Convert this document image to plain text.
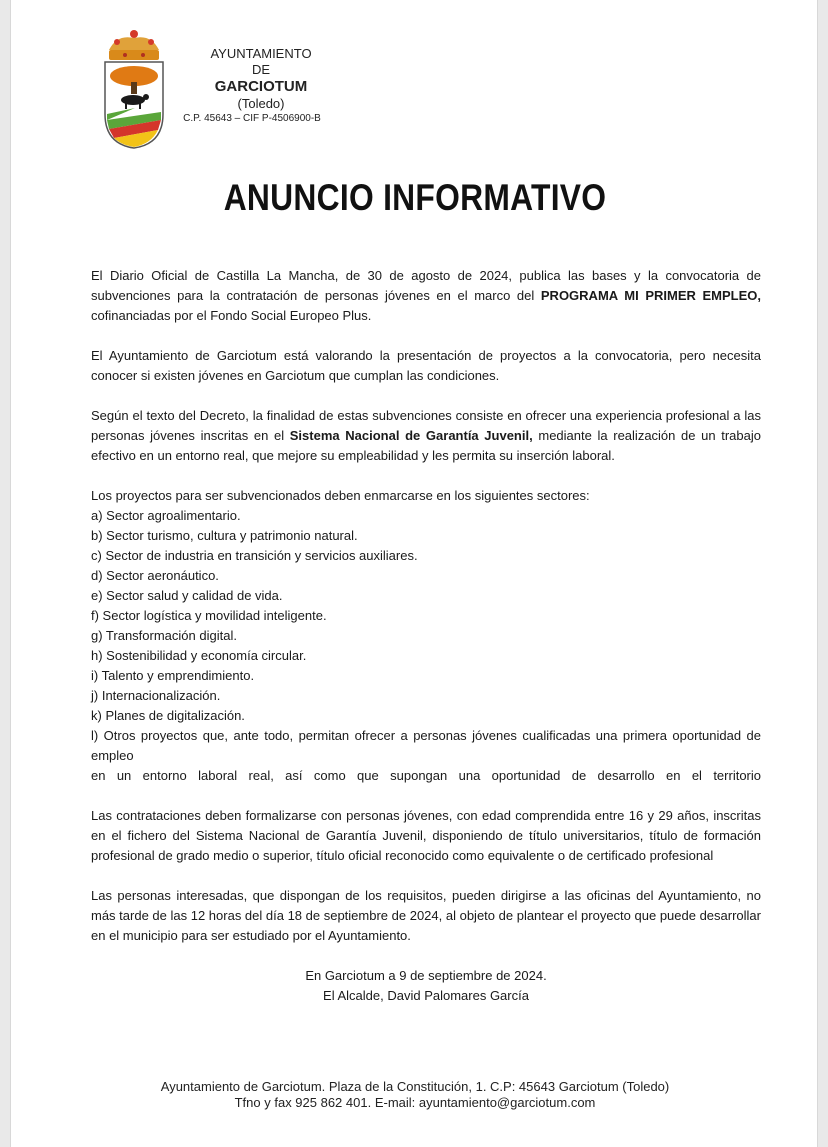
AYUNTAMIENTO
DE
GARCIOTUM
(Toledo)
C.P. 45643 – CIF P-4506900-B
ANUNCIO INFORMATIVO

El Diario Oficial de Castilla La Mancha, de 30 de agosto de 2024, publica las bases y la convocatoria de subvenciones para la contratación de personas jóvenes en el marco del PROGRAMA MI PRIMER EMPLEO, cofinanciadas por el Fondo Social Europeo Plus.

El Ayuntamiento de Garciotum está valorando la presentación de proyectos a la convocatoria, pero necesita conocer si existen jóvenes en Garciotum que cumplan las condiciones.

Según el texto del Decreto, la finalidad de estas subvenciones consiste en ofrecer una experiencia profesional a las personas jóvenes inscritas en el Sistema Nacional de Garantía Juvenil, mediante la realización de un trabajo efectivo en un entorno real, que mejore su empleabilidad y les permita su inserción laboral.

Los proyectos para ser subvencionados deben enmarcarse en los siguientes sectores:
a) Sector agroalimentario.
b) Sector turismo, cultura y patrimonio natural.
c) Sector de industria en transición y servicios auxiliares.
d) Sector aeronáutico.
e) Sector salud y calidad de vida.
f) Sector logística y movilidad inteligente.
g) Transformación digital.
h) Sostenibilidad y economía circular.
i) Talento y emprendimiento.
j) Internacionalización.
k) Planes de digitalización.
l) Otros proyectos que, ante todo, permitan ofrecer a personas jóvenes cualificadas una primera oportunidad de empleo
en un entorno laboral real, así como que supongan una oportunidad de desarrollo en el territorio

Las contrataciones deben formalizarse con personas jóvenes, con edad comprendida entre 16 y 29 años, inscritas en el fichero del Sistema Nacional de Garantía Juvenil, disponiendo de título universitarios, título de formación profesional de grado medio o superior, título oficial reconocido como equivalente o de certificado profesional

Las personas interesadas, que dispongan de los requisitos, pueden dirigirse a las oficinas del Ayuntamiento, no más tarde de las 12 horas del día 18 de septiembre de 2024, al objeto de plantear el proyecto que puede desarrollar en el municipio para ser estudiado por el Ayuntamiento.

En Garciotum a 9 de septiembre de 2024.
El Alcalde, David Palomares García
Ayuntamiento de Garciotum. Plaza de la Constitución, 1. C.P: 45643 Garciotum (Toledo)
Tfno y fax 925 862 401. E-mail: ayuntamiento@garciotum.com
